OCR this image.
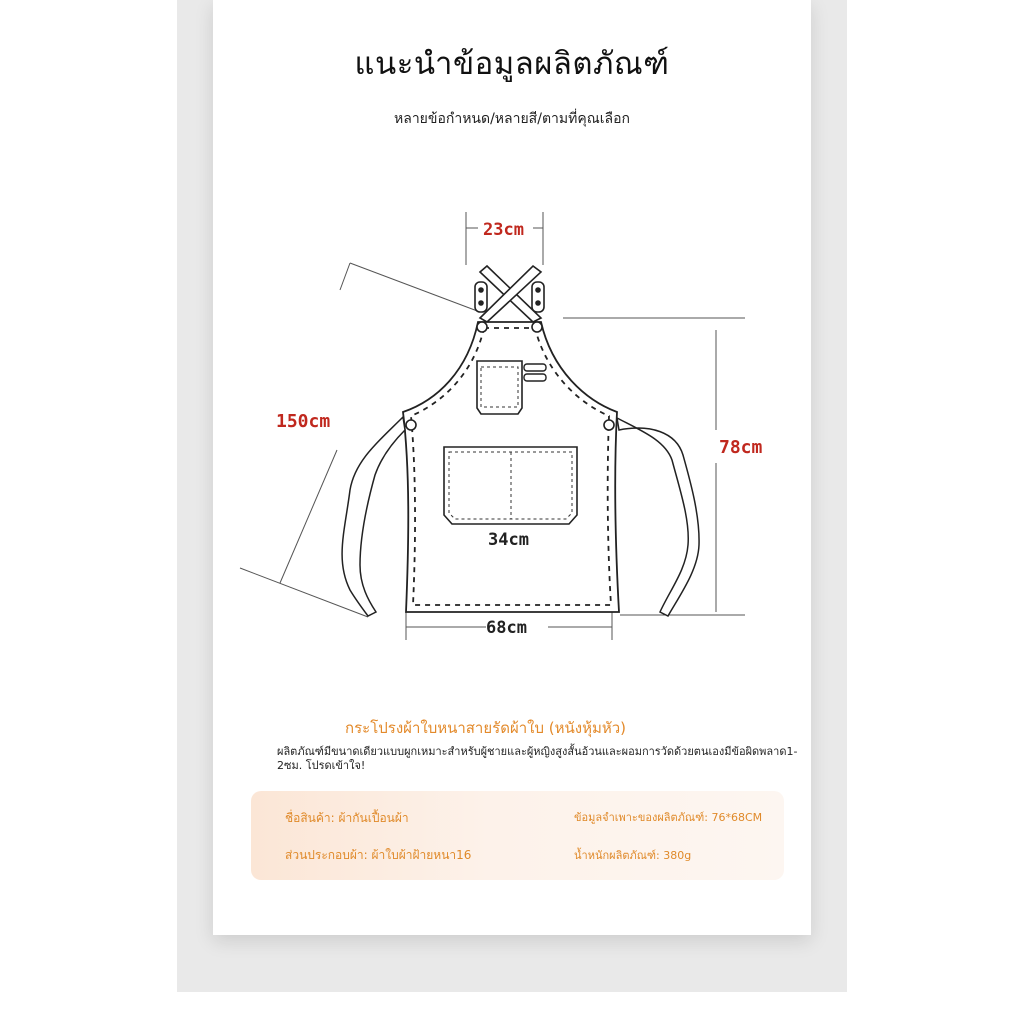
แนะนำข้อมูลผลิตภัณฑ์
หลายข้อกำหนด/หลายสี/ตามที่คุณเลือก
23cm
150cm
78cm
34cm
68cm
กระโปรงผ้าใบหนาสายรัดผ้าใบ (หนังหุ้มหัว)
ผลิตภัณฑ์มีขนาดเดียวแบบผูกเหมาะสำหรับผู้ชายและผู้หญิงสูงสั้นอ้วนและผอมการวัดด้วยตนเองมีข้อผิดพลาด1-2ซม. โปรดเข้าใจ!
ชื่อสินค้า: ผ้ากันเปื้อนผ้า	ข้อมูลจำเพาะของผลิตภัณฑ์: 76*68CM
ส่วนประกอบผ้า: ผ้าใบผ้าฝ้ายหนา16	น้ำหนักผลิตภัณฑ์: 380g
